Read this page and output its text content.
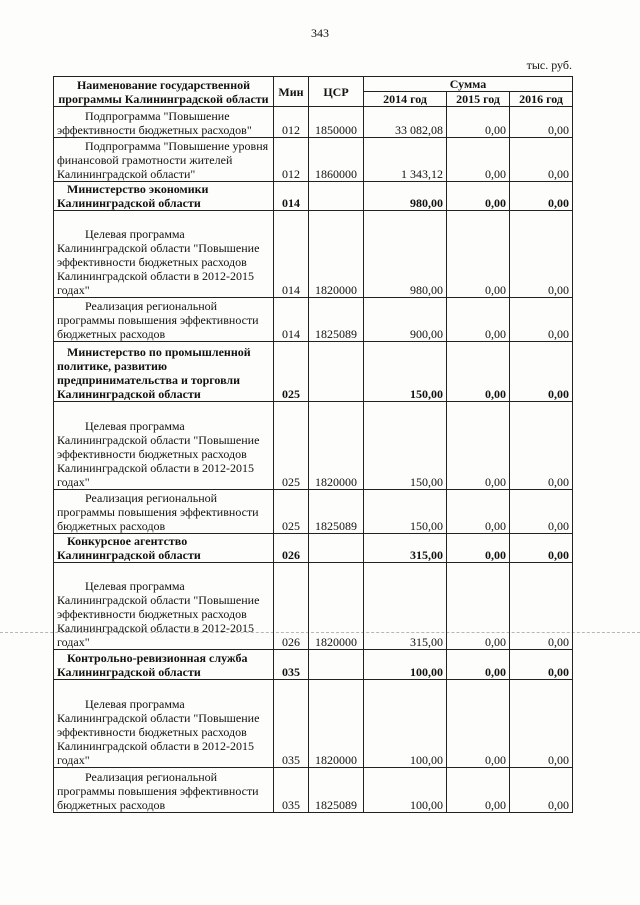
343
тыс. руб.
Наименование государственной программы Калининградской области	Мин	ЦСР	Сумма		
			2014 год	2015 год	2016 год
Подпрограмма "Повышение эффективности бюджетных расходов"	012	1850000	33 082,08	0,00	0,00
Подпрограмма "Повышение уровня финансовой грамотности жителей Калининградской области"	012	1860000	1 343,12	0,00	0,00
Министерство экономики Калининградской области	014		980,00	0,00	0,00
Целевая программа Калининградской области "Повышение эффективности бюджетных расходов Калининградской области в 2012-2015 годах"	014	1820000	980,00	0,00	0,00
Реализация региональной программы повышения эффективности бюджетных расходов	014	1825089	900,00	0,00	0,00
Министерство по промышленной политике, развитию предпринимательства и торговли Калининградской области	025		150,00	0,00	0,00
Целевая программа Калининградской области "Повышение эффективности бюджетных расходов Калининградской области в 2012-2015 годах"	025	1820000	150,00	0,00	0,00
Реализация региональной программы повышения эффективности бюджетных расходов	025	1825089	150,00	0,00	0,00
Конкурсное агентство Калининградской области	026		315,00	0,00	0,00
Целевая программа Калининградской области "Повышение эффективности бюджетных расходов Калининградской области в 2012-2015 годах"	026	1820000	315,00	0,00	0,00
Контрольно-ревизионная служба Калининградской области	035		100,00	0,00	0,00
Целевая программа Калининградской области "Повышение эффективности бюджетных расходов Калининградской области в 2012-2015 годах"	035	1820000	100,00	0,00	0,00
Реализация региональной программы повышения эффективности бюджетных расходов	035	1825089	100,00	0,00	0,00
